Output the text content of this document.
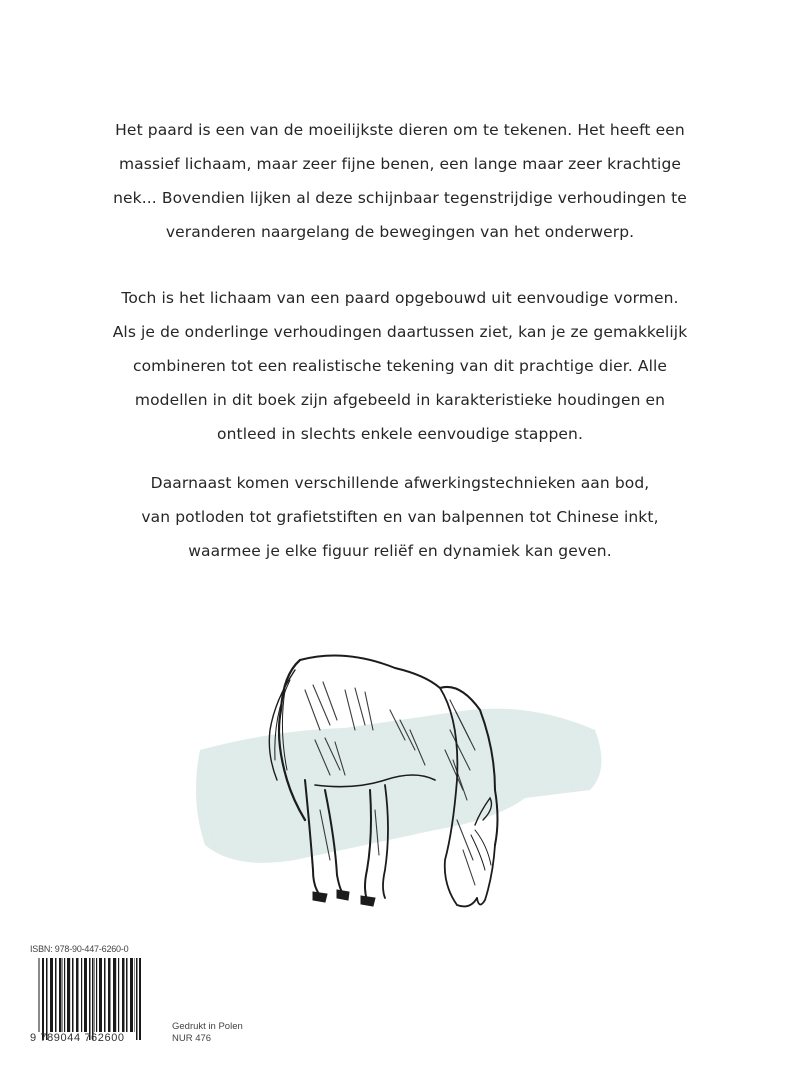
Het paard is een van de moeilijkste dieren om te tekenen. Het heeft een

massief lichaam, maar zeer fijne benen, een lange maar zeer krachtige

nek... Bovendien lijken al deze schijnbaar tegenstrijdige verhoudingen te

veranderen naargelang de bewegingen van het onderwerp.

Toch is het lichaam van een paard opgebouwd uit eenvoudige vormen.

Als je de onderlinge verhoudingen daartussen ziet, kan je ze gemakkelijk

combineren tot een realistische tekening van dit prachtige dier. Alle

modellen in dit boek zijn afgebeeld in karakteristieke houdingen en

ontleed in slechts enkele eenvoudige stappen.

Daarnaast komen verschillende afwerkingstechnieken aan bod,

van potloden tot grafietstiften en van balpennen tot Chinese inkt,

waarmee je elke figuur reliëf en dynamiek kan geven.

ISBN: 978-90-447-6260-0
9 789044 762600
Gedrukt in Polen
NUR 476
